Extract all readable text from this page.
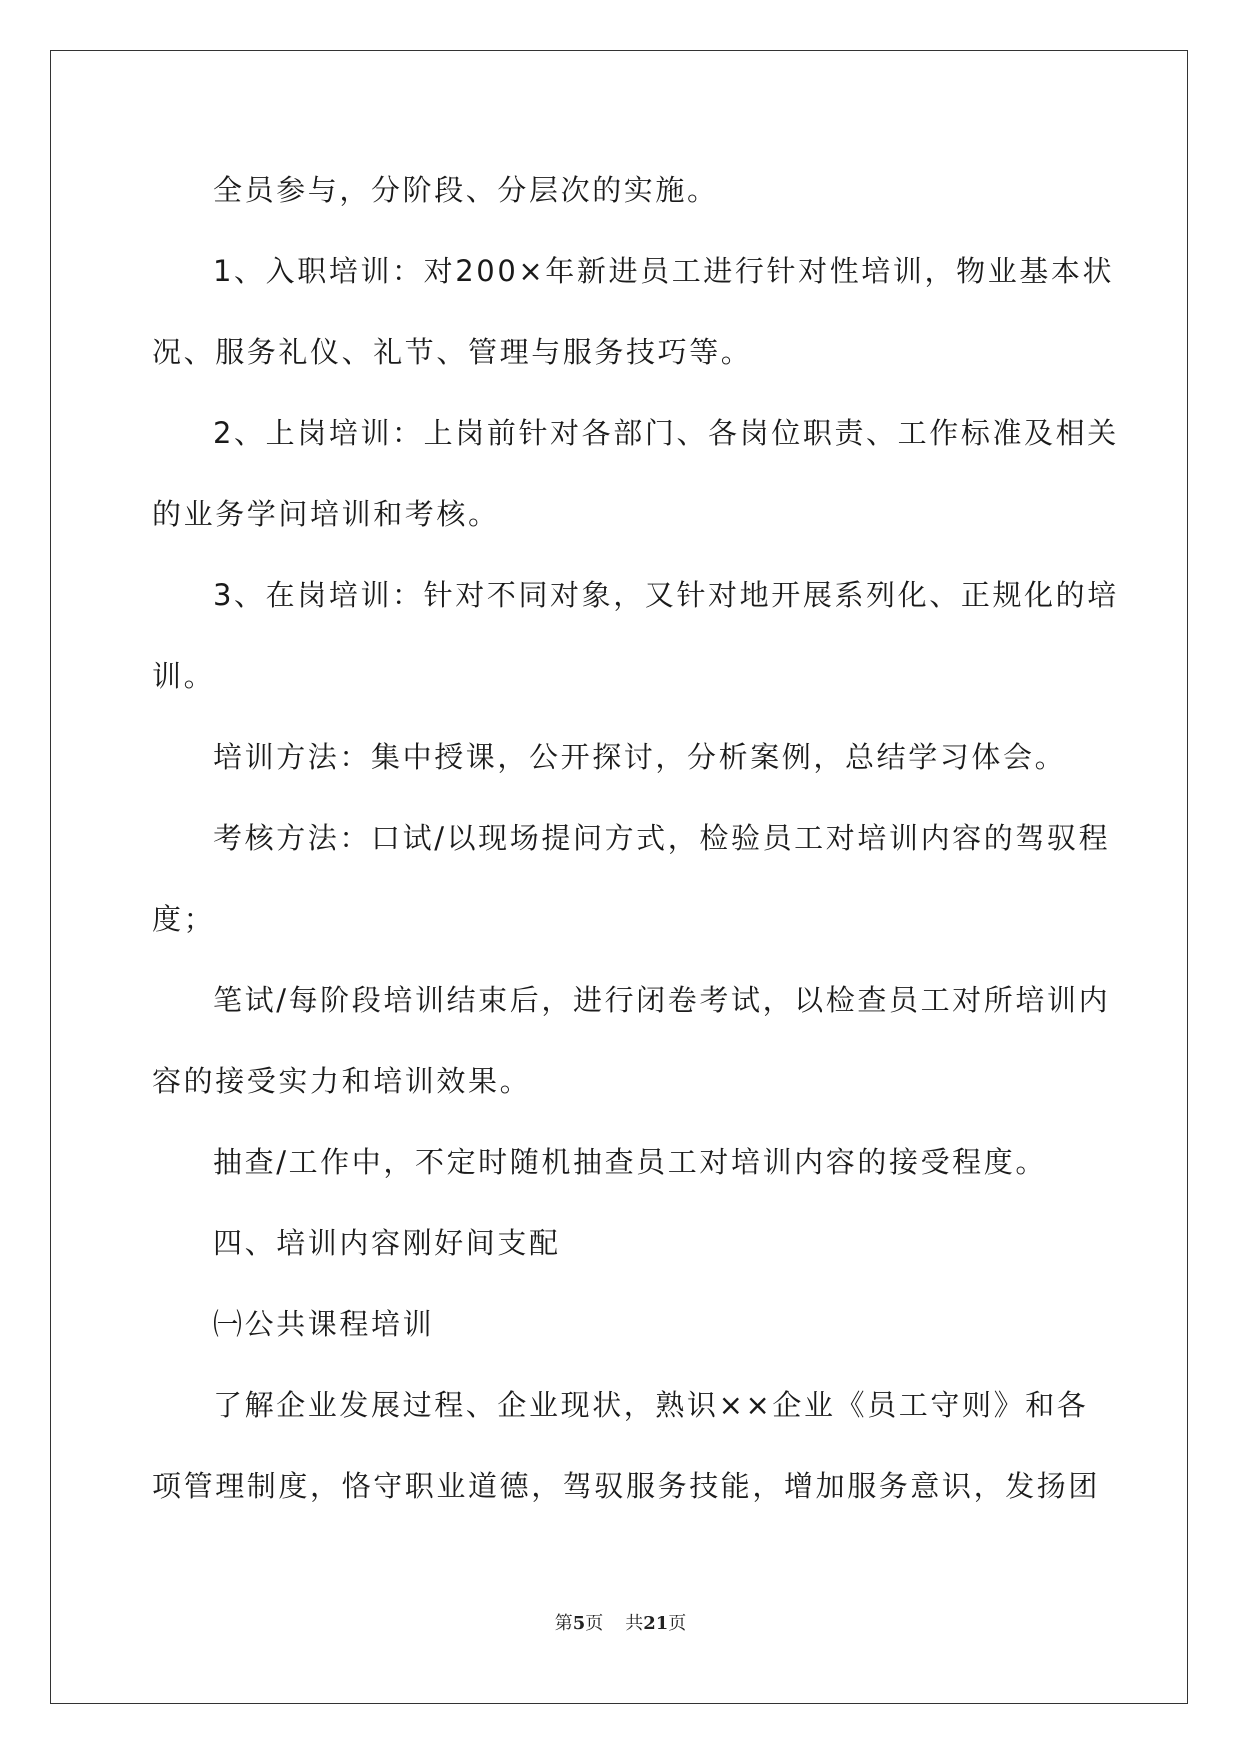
全员参与，分阶段、分层次的实施。
1、入职培训：对200×年新进员工进行针对性培训，物业基本状
况、服务礼仪、礼节、管理与服务技巧等。
2、上岗培训：上岗前针对各部门、各岗位职责、工作标准及相关
的业务学问培训和考核。
3、在岗培训：针对不同对象，又针对地开展系列化、正规化的培
训。
培训方法：集中授课，公开探讨，分析案例，总结学习体会。
考核方法：口试/以现场提问方式，检验员工对培训内容的驾驭程
度；
笔试/每阶段培训结束后，进行闭卷考试，以检查员工对所培训内
容的接受实力和培训效果。
抽查/工作中，不定时随机抽查员工对培训内容的接受程度。
四、培训内容刚好间支配
㈠公共课程培训
了解企业发展过程、企业现状，熟识××企业《员工守则》和各
项管理制度，恪守职业道德，驾驭服务技能，增加服务意识，发扬团
第5页 共21页
